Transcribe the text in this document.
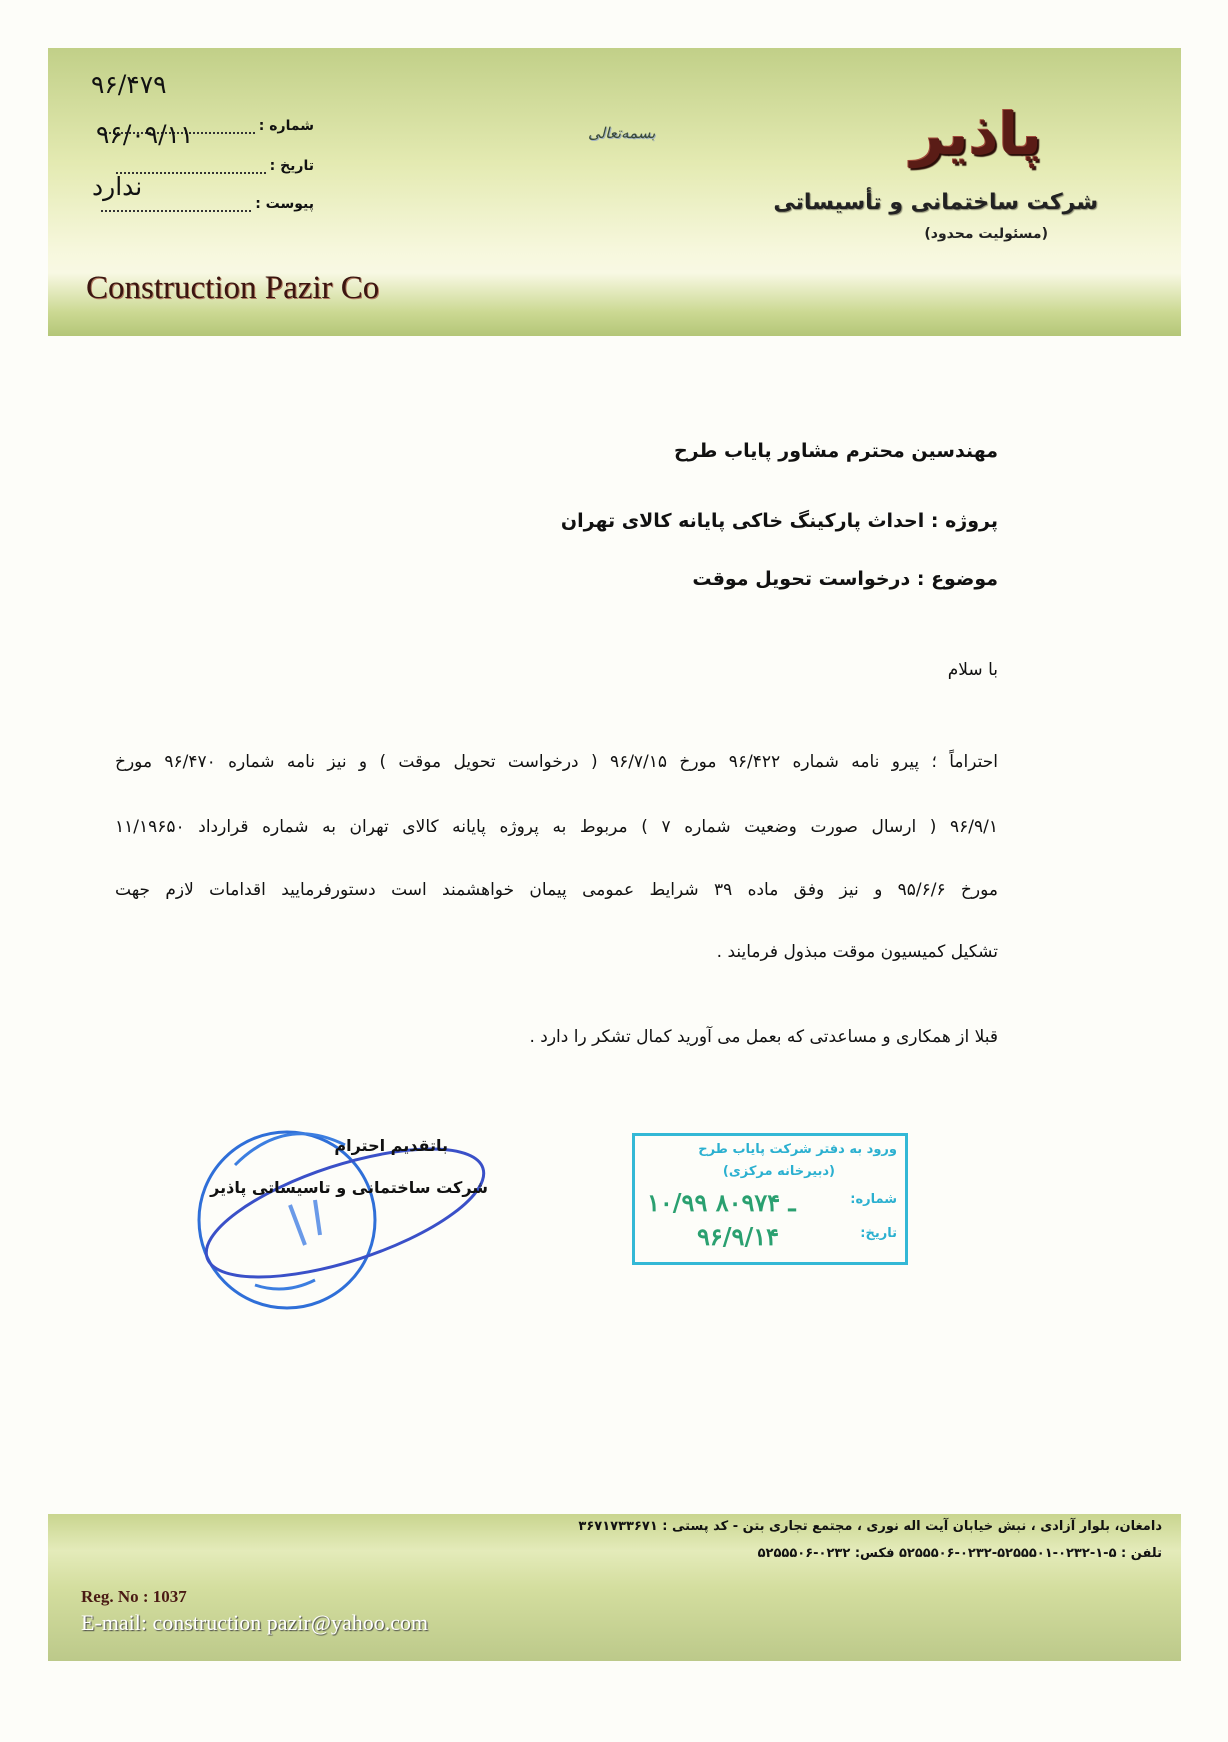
۹۶/۴۷۹
شماره :
۹۶/۰۹/۱۱
تاریخ :
ندارد
پیوست :
بسمه‌تعالی	پاذیر
شرکت ساختمانی و تأسیساتی
(مسئولیت محدود)
Construction Pazir Co
مهندسین محترم مشاور پایاب طرح
پروژه : احداث پارکینگ خاکی پایانه کالای تهران
موضوع : درخواست تحویل موقت
با سلام
احتراماً ؛ پیرو نامه شماره ۹۶/۴۲۲ مورخ ۹۶/۷/۱۵ ( درخواست تحویل موقت ) و نیز نامه شماره ۹۶/۴۷۰ مورخ
۹۶/۹/۱ ( ارسال صورت وضعیت شماره ۷ ) مربوط به پروژه پایانه کالای تهران به شماره قرارداد ۱۱/۱۹۶۵۰
مورخ ۹۵/۶/۶ و نیز وفق ماده ۳۹ شرایط عمومی پیمان خواهشمند است دستورفرمایید اقدامات لازم جهت
تشکیل کمیسیون موقت مبذول فرمایند .
قبلا از همکاری و مساعدتی که بعمل می آورید کمال تشکر را دارد .
باتقدیم احترام
شرکت ساختمانی و تاسیساتی پاذیر
ورود به دفتر شرکت پایاب طرح
(دبیرخانه مرکزی)
شماره:
۱۰/۹۹ ـ ۸۰۹۷۴
تاریخ:
۹۶/۹/۱۴
دامغان، بلوار آزادی ، نبش خیابان آیت اله نوری ، مجتمع تجاری بتن - کد پستی : ۳۶۷۱۷۳۳۶۷۱
تلفن : ۵-۱-۰۲۳۲-۵۲۵۵۵۰۱-۰۲۳۲-۵۲۵۵۵۰۶ فکس: ۰۲۳۲-۵۲۵۵۵۰۶
Reg. No : 1037
E-mail: construction pazir@yahoo.com
